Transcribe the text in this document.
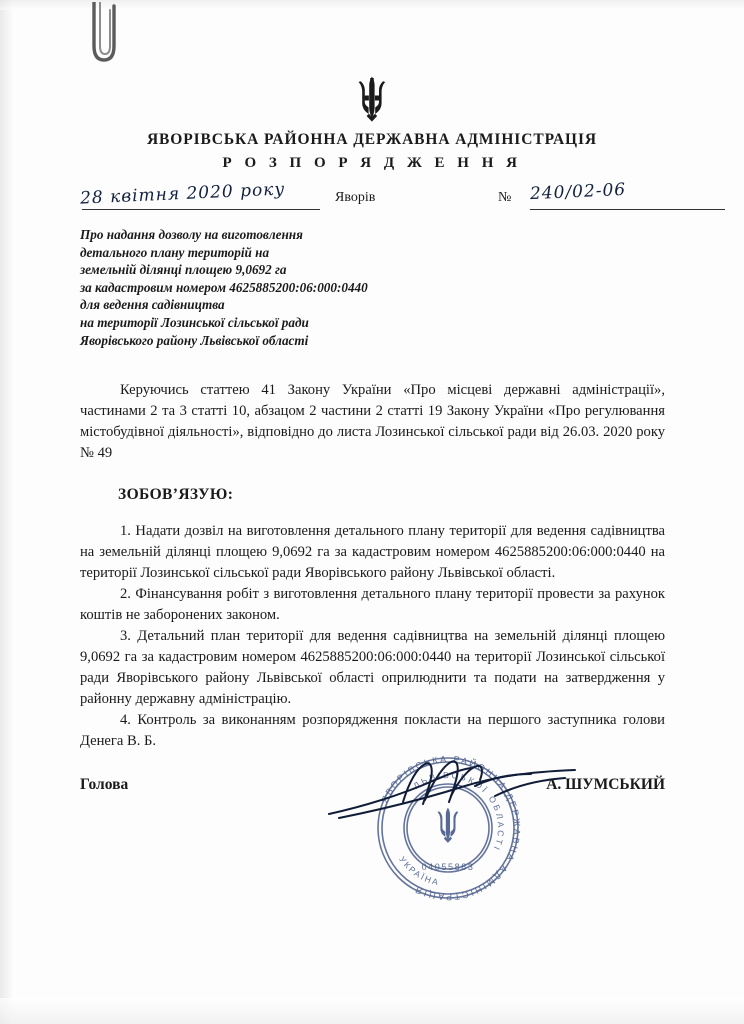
ЯВОРІВСЬКА РАЙОННА ДЕРЖАВНА АДМІНІСТРАЦІЯ
Р О З П О Р Я Д Ж Е Н Н Я
28 квітня 2020 року	Яворів	№ 240/02-06
Про надання дозволу на виготовлення
детального плану територій на
земельній ділянці площею 9,0692 га
за кадастровим номером 4625885200:06:000:0440
для ведення садівництва
на території Лозинської сільської ради
Яворівського району Львівської області

Керуючись статтею 41 Закону України «Про місцеві державні адміністрації», частинами 2 та 3 статті 10, абзацом 2 частини 2 статті 19 Закону України «Про регулювання містобудівної діяльності», відповідно до листа Лозинської сільської ради від 26.03. 2020 року № 49

ЗОБОВ’ЯЗУЮ:

1. Надати дозвіл на виготовлення детального плану території для ведення садівництва на земельній ділянці площею 9,0692 га за кадастровим номером 4625885200:06:000:0440 на території Лозинської сільської ради Яворівського району Львівської області.

2. Фінансування робіт з виготовлення детального плану території провести за рахунок коштів не заборонених законом.

3. Детальний план території для ведення садівництва на земельній ділянці площею 9,0692 га за кадастровим номером 4625885200:06:000:0440 на території Лозинської сільської ради Яворівського району Львівської області оприлюднити та подати на затвердження у районну державну адміністрацію.

4. Контроль за виконанням розпорядження покласти на першого заступника голови Денега В. Б.

ЯВОРІВСЬКА РАЙОННА ДЕРЖАВНА АДМІНІСТРАЦІЯ
ЛЬВІВСЬКОЇ ОБЛАСТІ
УКРАЇНА
04055883
Голова	А. ШУМСЬКИЙ
